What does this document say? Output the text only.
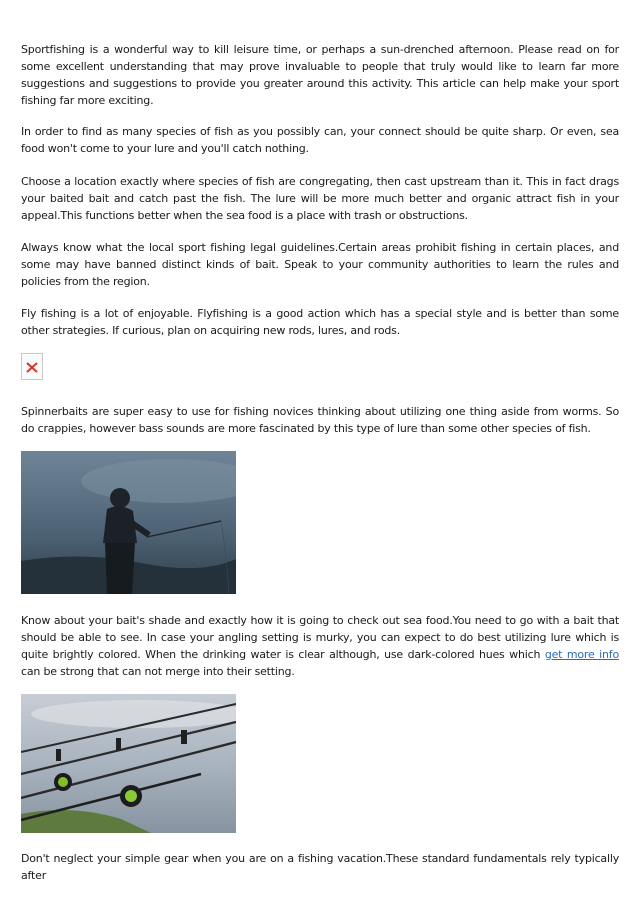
Sportfishing is a wonderful way to kill leisure time, or perhaps a sun-drenched afternoon. Please read on for some excellent understanding that may prove invaluable to people that truly would like to learn far more suggestions and suggestions to provide you greater around this activity. This article can help make your sport fishing far more exciting.

In order to find as many species of fish as you possibly can, your connect should be quite sharp. Or even, sea food won't come to your lure and you'll catch nothing.

Choose a location exactly where species of fish are congregating, then cast upstream than it. This in fact drags your baited bait and catch past the fish. The lure will be more much better and organic attract fish in your appeal.This functions better when the sea food is a place with trash or obstructions.

Always know what the local sport fishing legal guidelines.Certain areas prohibit fishing in certain places, and some may have banned distinct kinds of bait. Speak to your community authorities to learn the rules and policies from the region.

Fly fishing is a lot of enjoyable. Flyfishing is a good action which has a special style and is better than some other strategies. If curious, plan on acquiring new rods, lures, and rods.

Spinnerbaits are super easy to use for fishing novices thinking about utilizing one thing aside from worms. So do crappies, however bass sounds are more fascinated by this type of lure than some other species of fish.

Know about your bait's shade and exactly how it is going to check out sea food.You need to go with a bait that should be able to see. In case your angling setting is murky, you can expect to do best utilizing lure which is quite brightly colored. When the drinking water is clear although, use dark-colored hues which get more info can be strong that can not merge into their setting.

Don't neglect your simple gear when you are on a fishing vacation.These standard fundamentals rely typically after
